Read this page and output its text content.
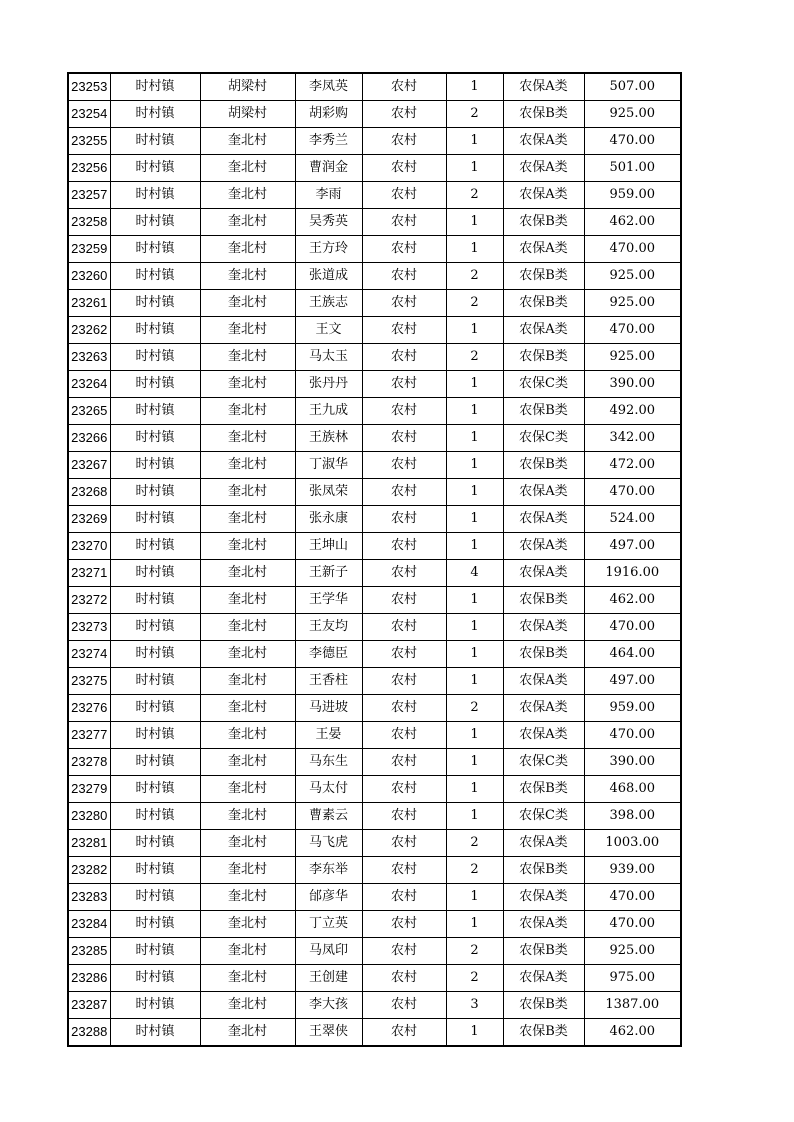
23253	时村镇	胡梁村	李凤英	农村	1	农保A类	507.00
23254	时村镇	胡梁村	胡彩购	农村	2	农保B类	925.00
23255	时村镇	奎北村	李秀兰	农村	1	农保A类	470.00
23256	时村镇	奎北村	曹润金	农村	1	农保A类	501.00
23257	时村镇	奎北村	李雨	农村	2	农保A类	959.00
23258	时村镇	奎北村	吴秀英	农村	1	农保B类	462.00
23259	时村镇	奎北村	王方玲	农村	1	农保A类	470.00
23260	时村镇	奎北村	张道成	农村	2	农保B类	925.00
23261	时村镇	奎北村	王族志	农村	2	农保B类	925.00
23262	时村镇	奎北村	王文	农村	1	农保A类	470.00
23263	时村镇	奎北村	马太玉	农村	2	农保B类	925.00
23264	时村镇	奎北村	张丹丹	农村	1	农保C类	390.00
23265	时村镇	奎北村	王九成	农村	1	农保B类	492.00
23266	时村镇	奎北村	王族林	农村	1	农保C类	342.00
23267	时村镇	奎北村	丁淑华	农村	1	农保B类	472.00
23268	时村镇	奎北村	张凤荣	农村	1	农保A类	470.00
23269	时村镇	奎北村	张永康	农村	1	农保A类	524.00
23270	时村镇	奎北村	王坤山	农村	1	农保A类	497.00
23271	时村镇	奎北村	王新子	农村	4	农保A类	1916.00
23272	时村镇	奎北村	王学华	农村	1	农保B类	462.00
23273	时村镇	奎北村	王友均	农村	1	农保A类	470.00
23274	时村镇	奎北村	李德臣	农村	1	农保B类	464.00
23275	时村镇	奎北村	王香柱	农村	1	农保A类	497.00
23276	时村镇	奎北村	马进坡	农村	2	农保A类	959.00
23277	时村镇	奎北村	王晏	农村	1	农保A类	470.00
23278	时村镇	奎北村	马东生	农村	1	农保C类	390.00
23279	时村镇	奎北村	马太付	农村	1	农保B类	468.00
23280	时村镇	奎北村	曹素云	农村	1	农保C类	398.00
23281	时村镇	奎北村	马飞虎	农村	2	农保A类	1003.00
23282	时村镇	奎北村	李东举	农村	2	农保B类	939.00
23283	时村镇	奎北村	邰彦华	农村	1	农保A类	470.00
23284	时村镇	奎北村	丁立英	农村	1	农保A类	470.00
23285	时村镇	奎北村	马凤印	农村	2	农保B类	925.00
23286	时村镇	奎北村	王创建	农村	2	农保A类	975.00
23287	时村镇	奎北村	李大孩	农村	3	农保B类	1387.00
23288	时村镇	奎北村	王翠侠	农村	1	农保B类	462.00
